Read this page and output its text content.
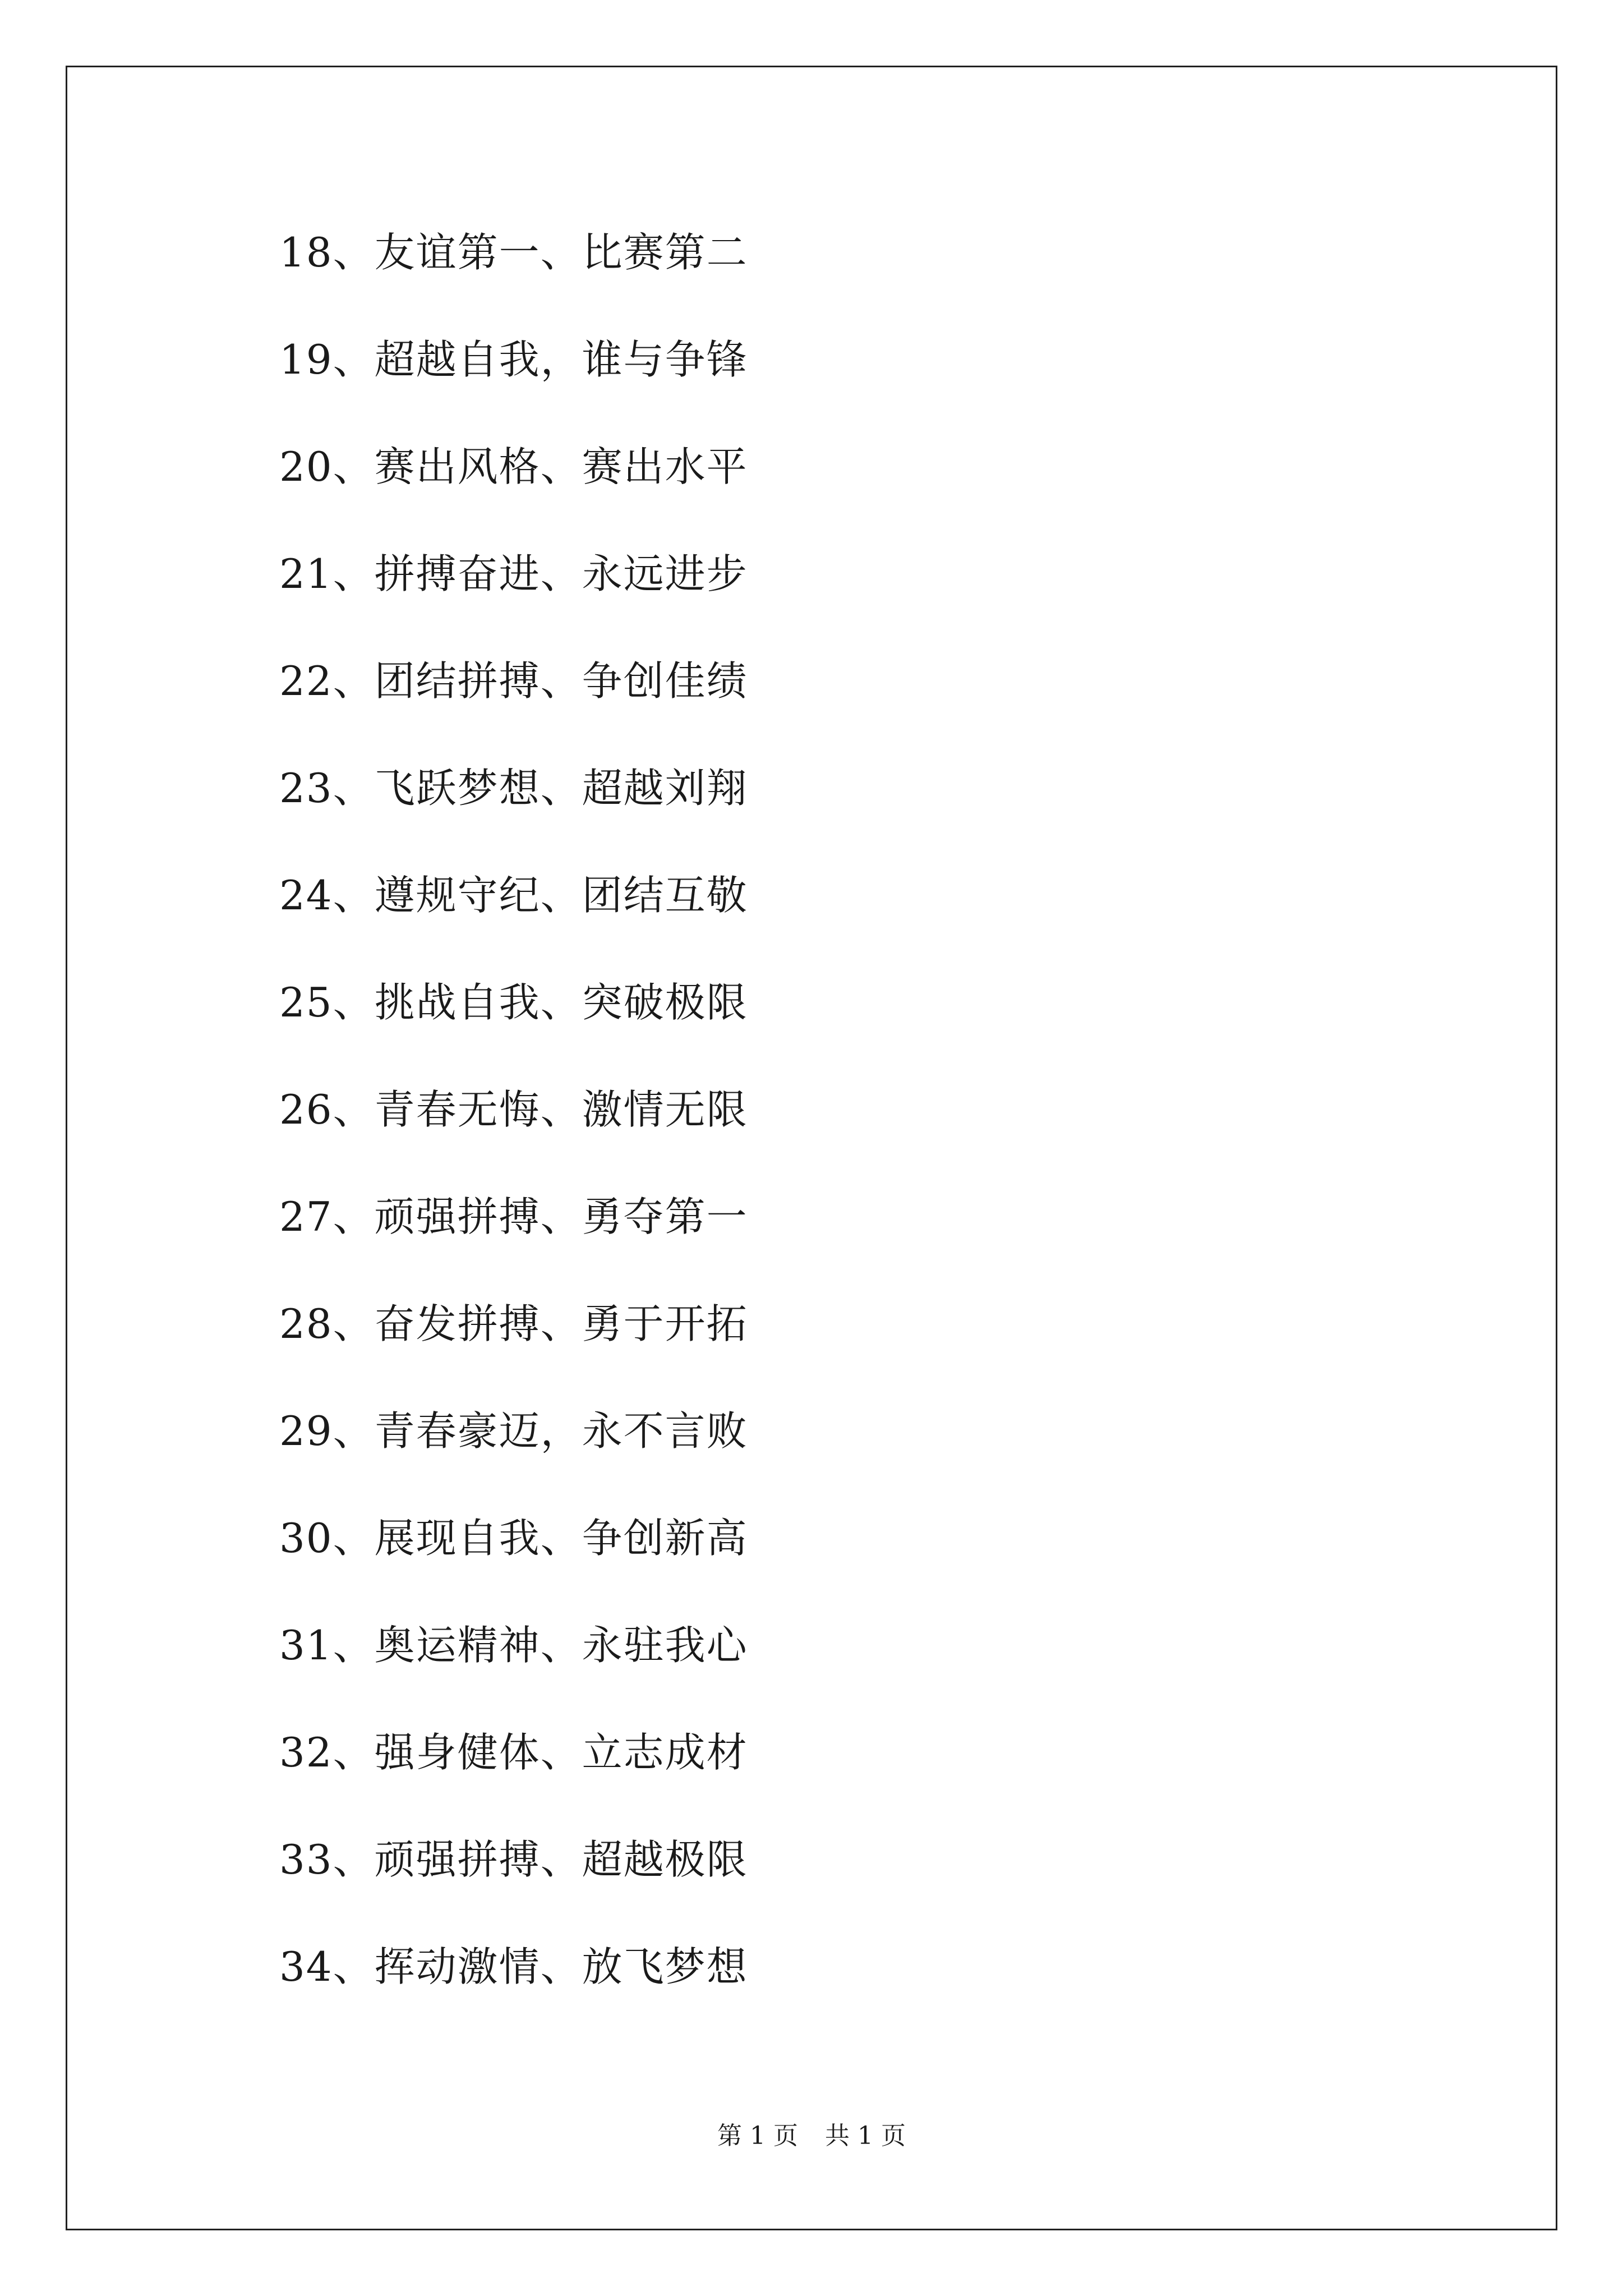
18、友谊第一、比赛第二
19、超越自我，谁与争锋
20、赛出风格、赛出水平
21、拼搏奋进、永远进步
22、团结拼搏、争创佳绩
23、飞跃梦想、超越刘翔
24、遵规守纪、团结互敬
25、挑战自我、突破极限
26、青春无悔、激情无限
27、顽强拼搏、勇夺第一
28、奋发拼搏、勇于开拓
29、青春豪迈，永不言败
30、展现自我、争创新高
31、奥运精神、永驻我心
32、强身健体、立志成材
33、顽强拼搏、超越极限
34、挥动激情、放飞梦想
第 1 页 共 1 页
